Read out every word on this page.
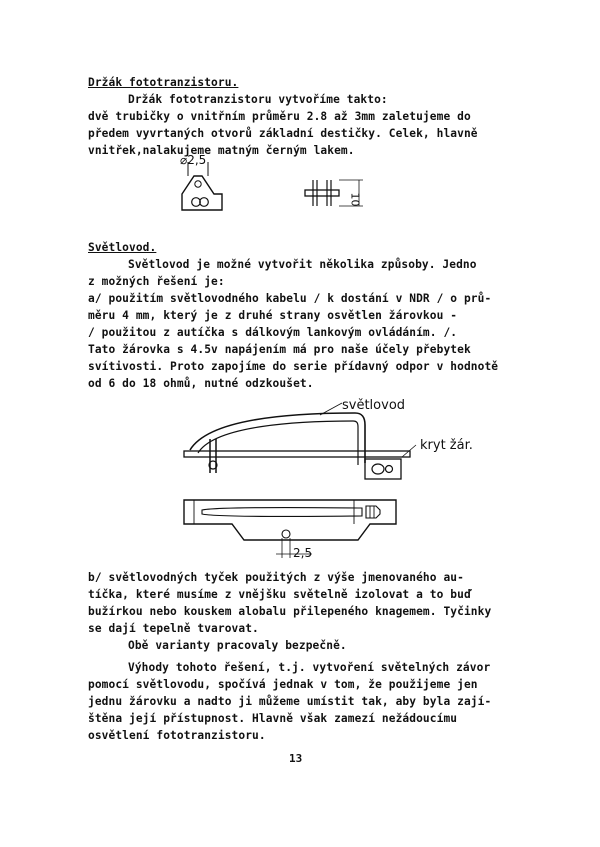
Držák fototranzistoru.
Držák fototranzistoru vytvoříme takto:
dvě trubičky o vnitřním průměru 2.8 až 3mm zaletujeme do
předem vyvrtaných otvorů základní destičky. Celek, hlavně
vnitřek,nalakujeme matným černým lakem.
⌀2,5
10
Světlovod.
Světlovod je možné vytvořit několika způsoby. Jedno
z možných řešení je:
a/ použitím světlovodného kabelu / k dostání v NDR / o prů-
měru 4 mm, který je z druhé strany osvětlen žárovkou -
/ použitou z autíčka s dálkovým lankovým ovládáním. /.
Tato žárovka s 4.5v napájením má pro naše účely přebytek
svítivosti. Proto zapojíme do serie přídavný odpor v hodnotě
od 6 do 18 ohmů, nutné odzkoušet.
světlovod
kryt žár.
2,5
b/ světlovodných tyček použitých z výše jmenovaného au-
tíčka, které musíme z vnějšku světelně izolovat a to buď
bužírkou nebo kouskem alobalu přilepeného knagemem. Tyčinky
se dají tepelně tvarovat.
Obě varianty pracovaly bezpečně.
Výhody tohoto řešení, t.j. vytvoření světelných závor
pomocí světlovodu, spočívá jednak v tom, že použijeme jen
jednu žárovku a nadto ji můžeme umístit tak, aby byla zají-
štěna její přístupnost. Hlavně však zamezí nežádoucímu
osvětlení fototranzistoru.
13
